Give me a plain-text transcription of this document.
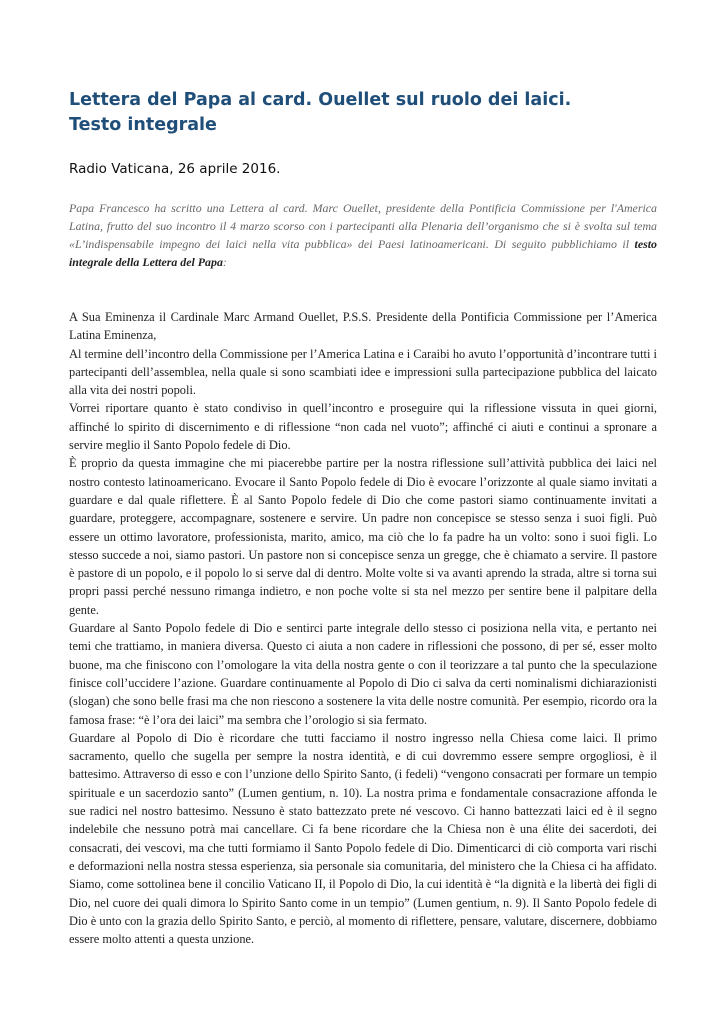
Lettera del Papa al card. Ouellet sul ruolo dei laici.
Testo integrale

Radio Vaticana, 26 aprile 2016.

Papa Francesco ha scritto una Lettera al card. Marc Ouellet, presidente della Pontificia Commissione per l'America Latina, frutto del suo incontro il 4 marzo scorso con i partecipanti alla Plenaria dell’organismo che si è svolta sul tema «L’indispensabile impegno dei laici nella vita pubblica» dei Paesi latinoamericani. Di seguito pubblichiamo il testo integrale della Lettera del Papa:

A Sua Eminenza il Cardinale Marc Armand Ouellet, P.S.S. Presidente della Pontificia Commissione per l’America Latina Eminenza,

Al termine dell’incontro della Commissione per l’America Latina e i Caraibi ho avuto l’opportunità d’incontrare tutti i partecipanti dell’assemblea, nella quale si sono scambiati idee e impressioni sulla partecipazione pubblica del laicato alla vita dei nostri popoli.

Vorrei riportare quanto è stato condiviso in quell’incontro e proseguire qui la riflessione vissuta in quei giorni, affinché lo spirito di discernimento e di riflessione “non cada nel vuoto”; affinché ci aiuti e continui a spronare a servire meglio il Santo Popolo fedele di Dio.

È proprio da questa immagine che mi piacerebbe partire per la nostra riflessione sull’attività pubblica dei laici nel nostro contesto latinoamericano. Evocare il Santo Popolo fedele di Dio è evocare l’orizzonte al quale siamo invitati a guardare e dal quale riflettere. È al Santo Popolo fedele di Dio che come pastori siamo continuamente invitati a guardare, proteggere, accompagnare, sostenere e servire. Un padre non concepisce se stesso senza i suoi figli. Può essere un ottimo lavoratore, professionista, marito, amico, ma ciò che lo fa padre ha un volto: sono i suoi figli. Lo stesso succede a noi, siamo pastori. Un pastore non si concepisce senza un gregge, che è chiamato a servire. Il pastore è pastore di un popolo, e il popolo lo si serve dal di dentro. Molte volte si va avanti aprendo la strada, altre si torna sui propri passi perché nessuno rimanga indietro, e non poche volte si sta nel mezzo per sentire bene il palpitare della gente.

Guardare al Santo Popolo fedele di Dio e sentirci parte integrale dello stesso ci posiziona nella vita, e pertanto nei temi che trattiamo, in maniera diversa. Questo ci aiuta a non cadere in riflessioni che possono, di per sé, esser molto buone, ma che finiscono con l’omologare la vita della nostra gente o con il teorizzare a tal punto che la speculazione finisce coll’uccidere l’azione. Guardare continuamente al Popolo di Dio ci salva da certi nominalismi dichiarazionisti (slogan) che sono belle frasi ma che non riescono a sostenere la vita delle nostre comunità. Per esempio, ricordo ora la famosa frase: “è l’ora dei laici” ma sembra che l’orologio si sia fermato.

Guardare al Popolo di Dio è ricordare che tutti facciamo il nostro ingresso nella Chiesa come laici. Il primo sacramento, quello che sugella per sempre la nostra identità, e di cui dovremmo essere sempre orgogliosi, è il battesimo. Attraverso di esso e con l’unzione dello Spirito Santo, (i fedeli) “vengono consacrati per formare un tempio spirituale e un sacerdozio santo” (Lumen gentium, n. 10). La nostra prima e fondamentale consacrazione affonda le sue radici nel nostro battesimo. Nessuno è stato battezzato prete né vescovo. Ci hanno battezzati laici ed è il segno indelebile che nessuno potrà mai cancellare. Ci fa bene ricordare che la Chiesa non è una élite dei sacerdoti, dei consacrati, dei vescovi, ma che tutti formiamo il Santo Popolo fedele di Dio. Dimenticarci di ciò comporta vari rischi e deformazioni nella nostra stessa esperienza, sia personale sia comunitaria, del ministero che la Chiesa ci ha affidato. Siamo, come sottolinea bene il concilio Vaticano II, il Popolo di Dio, la cui identità è “la dignità e la libertà dei figli di Dio, nel cuore dei quali dimora lo Spirito Santo come in un tempio” (Lumen gentium, n. 9). Il Santo Popolo fedele di Dio è unto con la grazia dello Spirito Santo, e perciò, al momento di riflettere, pensare, valutare, discernere, dobbiamo essere molto attenti a questa unzione.
